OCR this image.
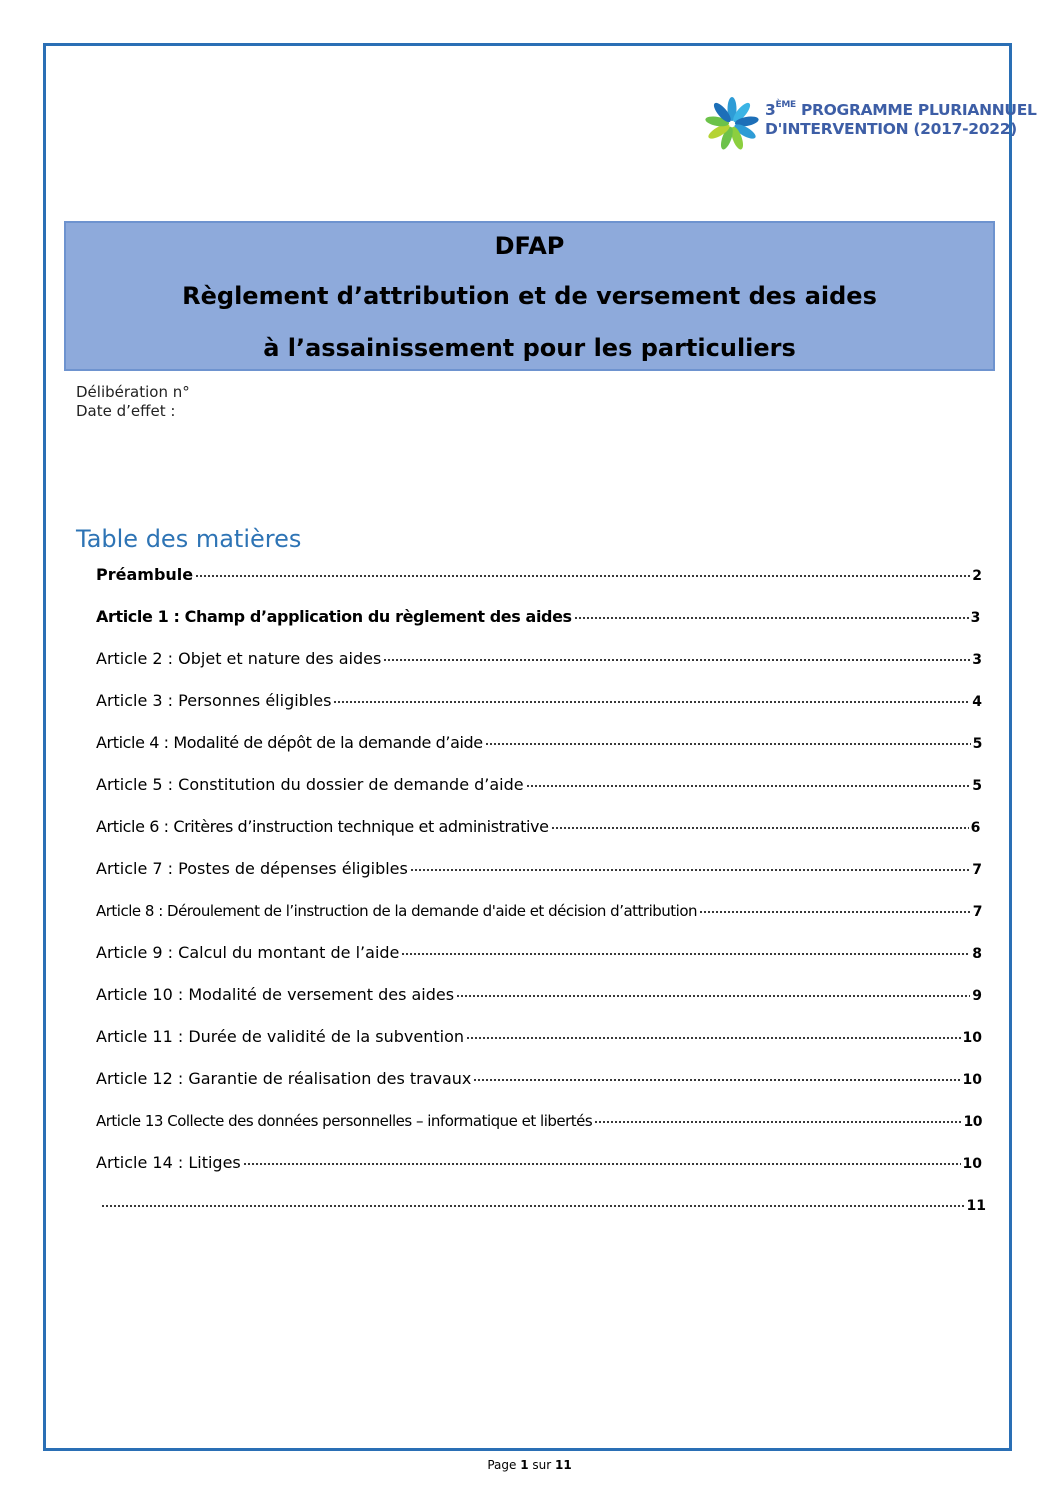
3ÈME PROGRAMME PLURIANNUEL
D'INTERVENTION (2017-2022)
DFAP
Règlement d’attribution et de versement des aides
à l’assainissement pour les particuliers
Délibération n°
Date d’effet :
Table des matières
Préambule	2
Article 1 : Champ d’application du règlement des aides	3
Article 2 : Objet et nature des aides	3
Article 3 : Personnes éligibles	4
Article 4 : Modalité de dépôt de la demande d’aide	5
Article 5 : Constitution du dossier de demande d’aide	5
Article 6 : Critères d’instruction technique et administrative	6
Article 7 : Postes de dépenses éligibles	7
Article 8 : Déroulement de l’instruction de la demande d'aide et décision d’attribution	7
Article 9 : Calcul du montant de l’aide	8
Article 10 : Modalité de versement des aides	9
Article 11 : Durée de validité de la subvention	10
Article 12 : Garantie de réalisation des travaux	10
Article 13 Collecte des données personnelles – informatique et libertés	10
Article 14 : Litiges	10
11
Page 1 sur 11
